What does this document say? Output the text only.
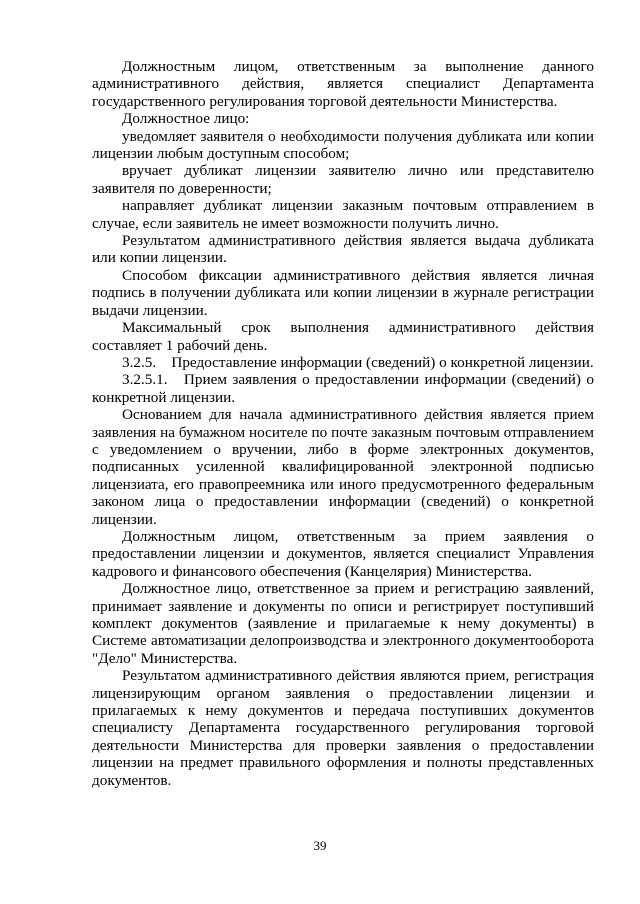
Должностным лицом, ответственным за выполнение данного административного действия, является специалист Департамента государственного регулирования торговой деятельности Министерства.

Должностное лицо:

уведомляет заявителя о необходимости получения дубликата или копии лицензии любым доступным способом;

вручает дубликат лицензии заявителю лично или представителю заявителя по доверенности;

направляет дубликат лицензии заказным почтовым отправлением в случае, если заявитель не имеет возможности получить лично.

Результатом административного действия является выдача дубликата или копии лицензии.

Способом фиксации административного действия является личная подпись в получении дубликата или копии лицензии в журнале регистрации выдачи лицензии.

Максимальный срок выполнения административного действия составляет 1 рабочий день.

3.2.5.    Предоставление информации (сведений) о конкретной лицензии.

3.2.5.1.   Прием заявления о предоставлении информации (сведений) о конкретной лицензии.

Основанием для начала административного действия является прием заявления на бумажном носителе по почте заказным почтовым отправлением с уведомлением о вручении, либо в форме электронных документов, подписанных усиленной квалифицированной электронной подписью лицензиата, его правопреемника или иного предусмотренного федеральным законом лица о предоставлении информации (сведений) о конкретной лицензии.

Должностным лицом, ответственным за прием заявления о предоставлении лицензии и документов, является специалист Управления кадрового и финансового обеспечения (Канцелярия) Министерства.

Должностное лицо, ответственное за прием и регистрацию заявлений, принимает заявление и документы по описи и регистрирует поступивший комплект документов (заявление и прилагаемые к нему документы) в Системе автоматизации делопроизводства и электронного документооборота "Дело" Министерства.

Результатом административного действия являются прием, регистрация лицензирующим органом заявления о предоставлении лицензии и прилагаемых к нему документов и передача поступивших документов специалисту Департамента государственного регулирования торговой деятельности Министерства для проверки заявления о предоставлении лицензии на предмет правильного оформления и полноты представленных документов.

39
